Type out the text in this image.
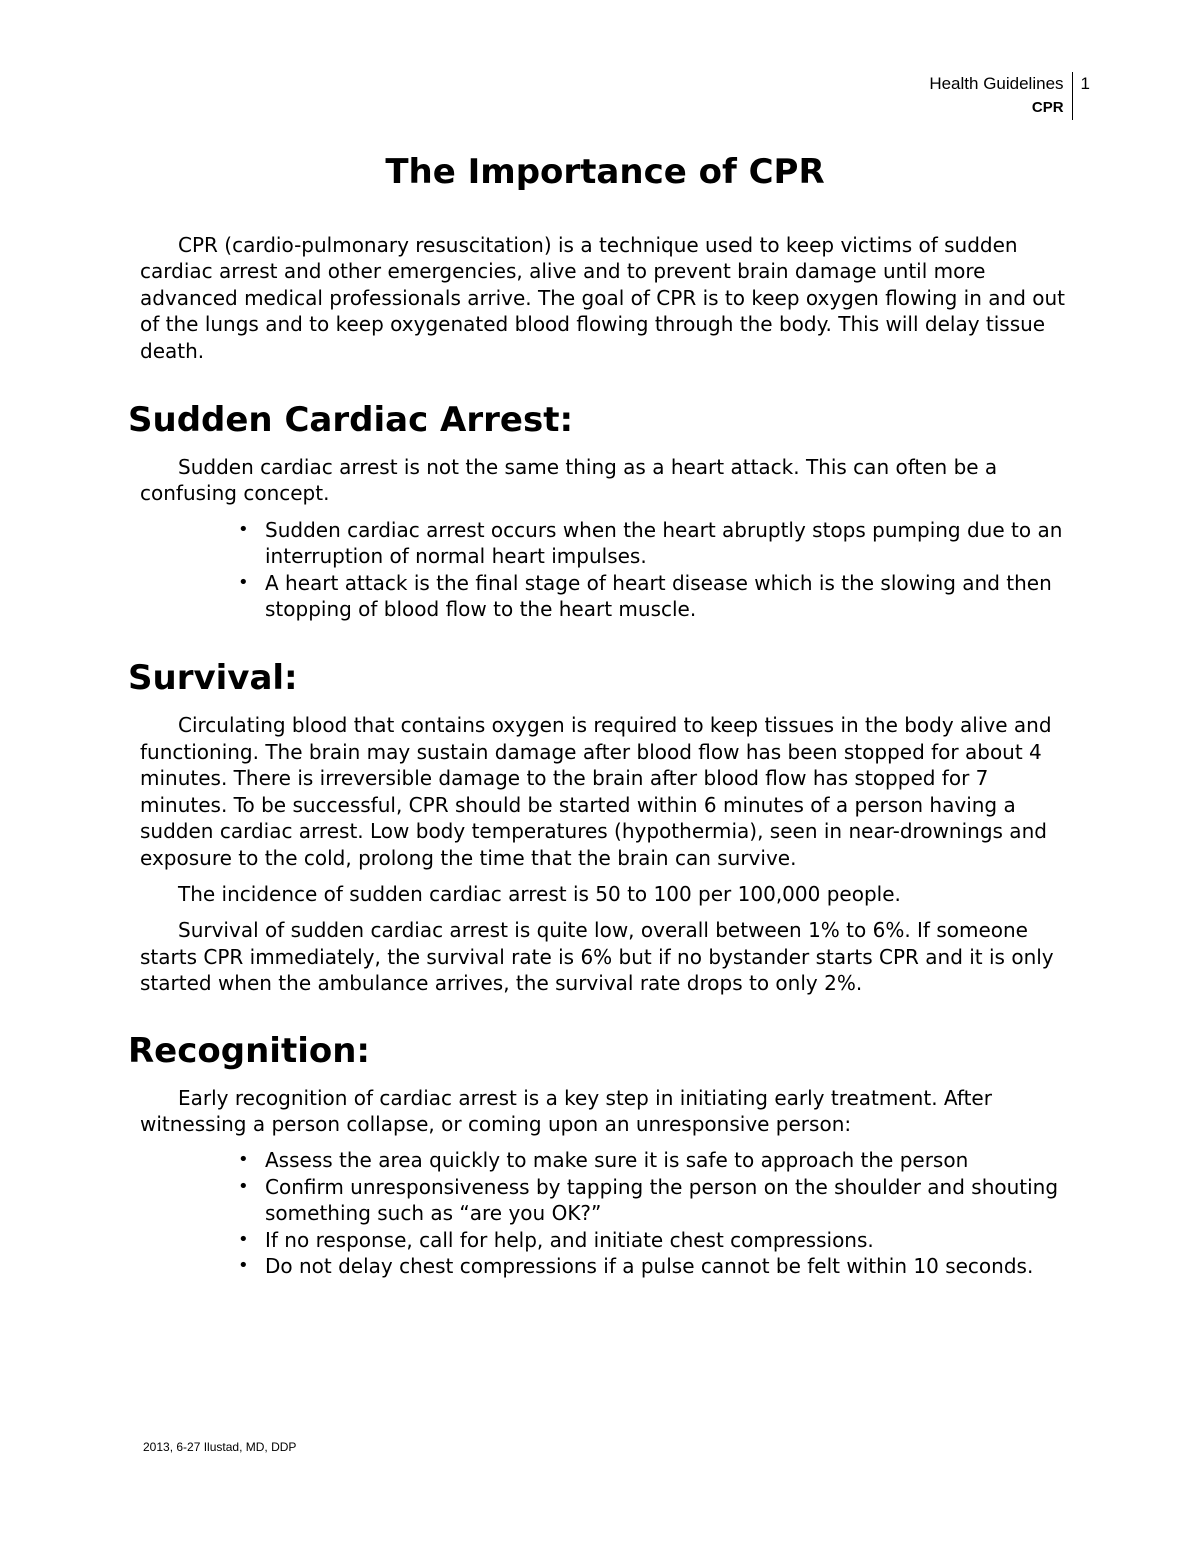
Health Guidelines
CPR
1
The Importance of CPR

CPR (cardio-pulmonary resuscitation) is a technique used to keep victims of sudden cardiac arrest and other emergencies, alive and to prevent brain damage until more advanced medical professionals arrive. The goal of CPR is to keep oxygen flowing in and out of the lungs and to keep oxygenated blood flowing through the body. This will delay tissue death.

Sudden Cardiac Arrest:

Sudden cardiac arrest is not the same thing as a heart attack. This can often be a confusing concept.

• Sudden cardiac arrest occurs when the heart abruptly stops pumping due to an interruption of normal heart impulses.
• A heart attack is the final stage of heart disease which is the slowing and then stopping of blood flow to the heart muscle.
Survival:

Circulating blood that contains oxygen is required to keep tissues in the body alive and functioning. The brain may sustain damage after blood flow has been stopped for about 4 minutes. There is irreversible damage to the brain after blood flow has stopped for 7 minutes. To be successful, CPR should be started within 6 minutes of a person having a sudden cardiac arrest. Low body temperatures (hypothermia), seen in near-drownings and exposure to the cold, prolong the time that the brain can survive.

The incidence of sudden cardiac arrest is 50 to 100 per 100,000 people.

Survival of sudden cardiac arrest is quite low, overall between 1% to 6%. If someone starts CPR immediately, the survival rate is 6% but if no bystander starts CPR and it is only started when the ambulance arrives, the survival rate drops to only 2%.

Recognition:

Early recognition of cardiac arrest is a key step in initiating early treatment. After witnessing a person collapse, or coming upon an unresponsive person:

• Assess the area quickly to make sure it is safe to approach the person
• Confirm unresponsiveness by tapping the person on the shoulder and shouting something such as “are you OK?”
• If no response, call for help, and initiate chest compressions.
• Do not delay chest compressions if a pulse cannot be felt within 10 seconds.
2013, 6-27 Ilustad, MD, DDP
